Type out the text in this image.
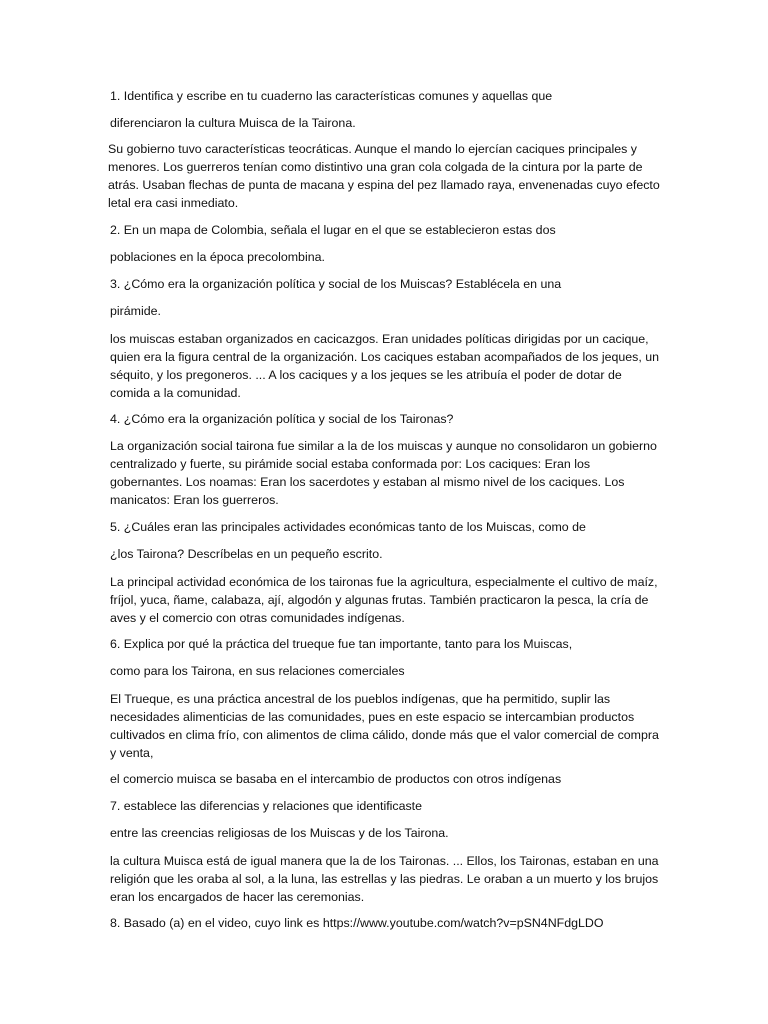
1. Identifica y escribe en tu cuaderno las características comunes y aquellas que

diferenciaron la cultura Muisca de la Tairona.

Su gobierno tuvo características teocráticas. Aunque el mando lo ejercían caciques principales y menores. Los guerreros tenían como distintivo una gran cola colgada de la cintura por la parte de atrás. Usaban flechas de punta de macana y espina del pez llamado raya, envenenadas cuyo efecto letal era casi inmediato.

2. En un mapa de Colombia, señala el lugar en el que se establecieron estas dos

poblaciones en la época precolombina.

3. ¿Cómo era la organización política y social de los Muiscas? Establécela en una

pirámide.

los muiscas estaban organizados en cacicazgos. Eran unidades políticas dirigidas por un cacique, quien era la figura central de la organización. Los caciques estaban acompañados de los jeques, un séquito, y los pregoneros. ... A los caciques y a los jeques se les atribuía el poder de dotar de comida a la comunidad.

4. ¿Cómo era la organización política y social de los Taironas?

La organización social tairona fue similar a la de los muiscas y aunque no consolidaron un gobierno centralizado y fuerte, su pirámide social estaba conformada por: Los caciques: Eran los gobernantes. Los noamas: Eran los sacerdotes y estaban al mismo nivel de los caciques. Los manicatos: Eran los guerreros.

5. ¿Cuáles eran las principales actividades económicas tanto de los Muiscas, como de

¿los Tairona? Descríbelas en un pequeño escrito.

La principal actividad económica de los taironas fue la agricultura, especialmente el cultivo de maíz, fríjol, yuca, ñame, calabaza, ají, algodón y algunas frutas. También practicaron la pesca, la cría de aves y el comercio con otras comunidades indígenas.

6. Explica por qué la práctica del trueque fue tan importante, tanto para los Muiscas,

como para los Tairona, en sus relaciones comerciales

El Trueque, es una práctica ancestral de los pueblos indígenas, que ha permitido, suplir las necesidades alimenticias de las comunidades, pues en este espacio se intercambian productos cultivados en clima frío, con alimentos de clima cálido, donde más que el valor comercial de compra y venta,

el comercio muisca se basaba en el intercambio de productos con otros indígenas

7. establece las diferencias y relaciones que identificaste

entre las creencias religiosas de los Muiscas y de los Tairona.

la cultura Muisca está de igual manera que la de los Taironas. ... Ellos, los Taironas, estaban en una religión que les oraba al sol, a la luna, las estrellas y las piedras. Le oraban a un muerto y los brujos eran los encargados de hacer las ceremonias.

8. Basado (a) en el video, cuyo link es https://www.youtube.com/watch?v=pSN4NFdgLDO
